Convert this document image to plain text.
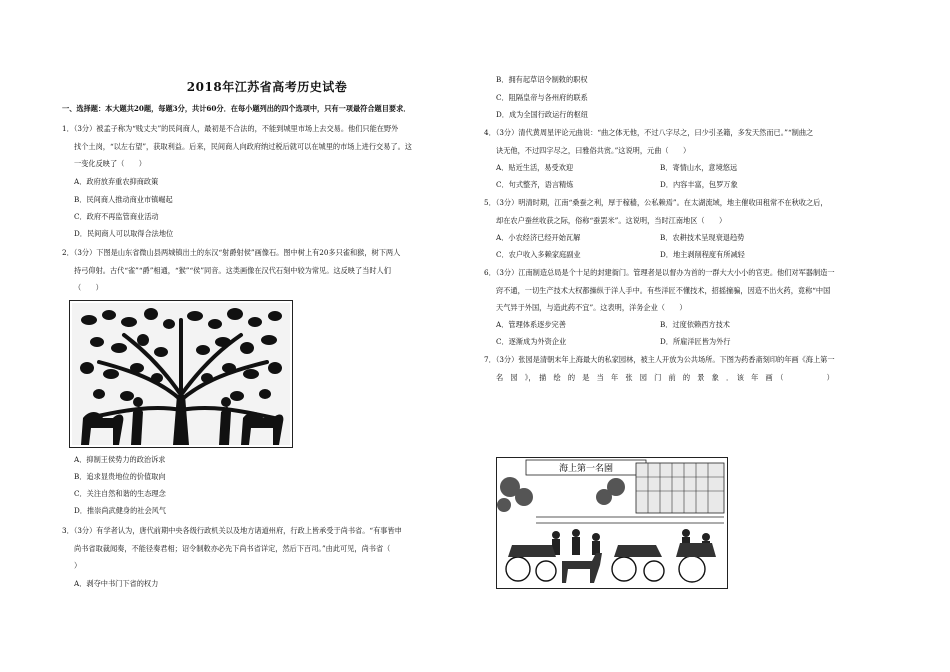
2018年江苏省高考历史试卷
一、选择题：本大题共20题，每题3分，共计60分．在每小题列出的四个选项中，只有一项最符合题目要求．

1．（3分）被孟子称为“贱丈夫”的民间商人，最初是不合法的，不能到城里市场上去交易。他们只能在野外

找个土岗，“以左右望”，获取利益。后来，民间商人向政府纳过税后就可以在城里的市场上进行交易了。这

一变化反映了（　　）

A．政府放弃重农抑商政策
B．民间商人推动商业市镇崛起
C．政府不再监管商业活动
D．民间商人可以取得合法地位

2．（3分）下图是山东省微山县两城镇出土的东汉“射爵射侯”画像石。图中树上有20多只雀和猴，树下两人

持弓仰射。古代“雀”“爵”相通，“猴”“侯”同音。这类画像在汉代石刻中较为常见。这反映了当时人们

（　　）

A．抑制王侯势力的政治诉求
B．追求显贵地位的价值取向
C．关注自然和谐的生态理念
D．推崇尚武健身的社会风气

3．（3分）有学者认为，唐代前期中央各级行政机关以及地方诸道州府，行政上皆承受于尚书省。“有事皆申

尚书省取裁闻奏，不能径奏君相；诏令制敕亦必先下尚书省详定，然后下百司。”由此可见，尚书省（

）

A．剥夺中书门下省的权力
B．拥有起草诏令制敕的职权
C．阻隔皇帝与各州府的联系
D．成为全国行政运行的枢纽

4．（3分）清代黄周星评论元曲说：“曲之体无他，不过八字尽之，曰少引圣籍，多发天然而已。”“制曲之

诀无他，不过四字尽之，曰雅俗共赏。”这说明，元曲（　　）

A．贴近生活，易受欢迎	B．寄情山水，意境悠远
C．句式整齐，语言精炼	D．内容丰富，包罗万象

5．（3分）明清时期，江南“桑蚕之利，厚于稼穑，公私赖焉”。在太湖流域，地主催收田租常不在秋收之后，

却在农户蚕丝收获之际，俗称“蚕罢米”。这说明，当时江南地区（　　）

A．小农经济已经开始瓦解	B．农耕技术呈现衰退趋势
C．农户收入多赖家庭副业	D．地主剥削程度有所减轻

6．（3分）江南制造总局是个十足的封建衙门。管理者是以督办为首的一群大大小小的官吏。他们对军器制造一

窍不通，一切生产技术大权都操纵于洋人手中。有些洋匠不懂技术，招摇撞骗，因造不出火药，竟称“中国

天气异于外国，与造此药不宜”。这表明，洋务企业（　　）

A．管理体系逐步完善	B．过度依赖西方技术
C．逐渐成为外资企业	D．所雇洋匠皆为外行

7．（3分）张园是清朝末年上海最大的私家园林，被主人开放为公共场所。下图为药香斋刻印的年画《海上第一

名　园　》，　描　绘　的　是　当　年　张　园　门　前　的　景　象　．　该　年　画　（　　　　　　）

海上第一名園
